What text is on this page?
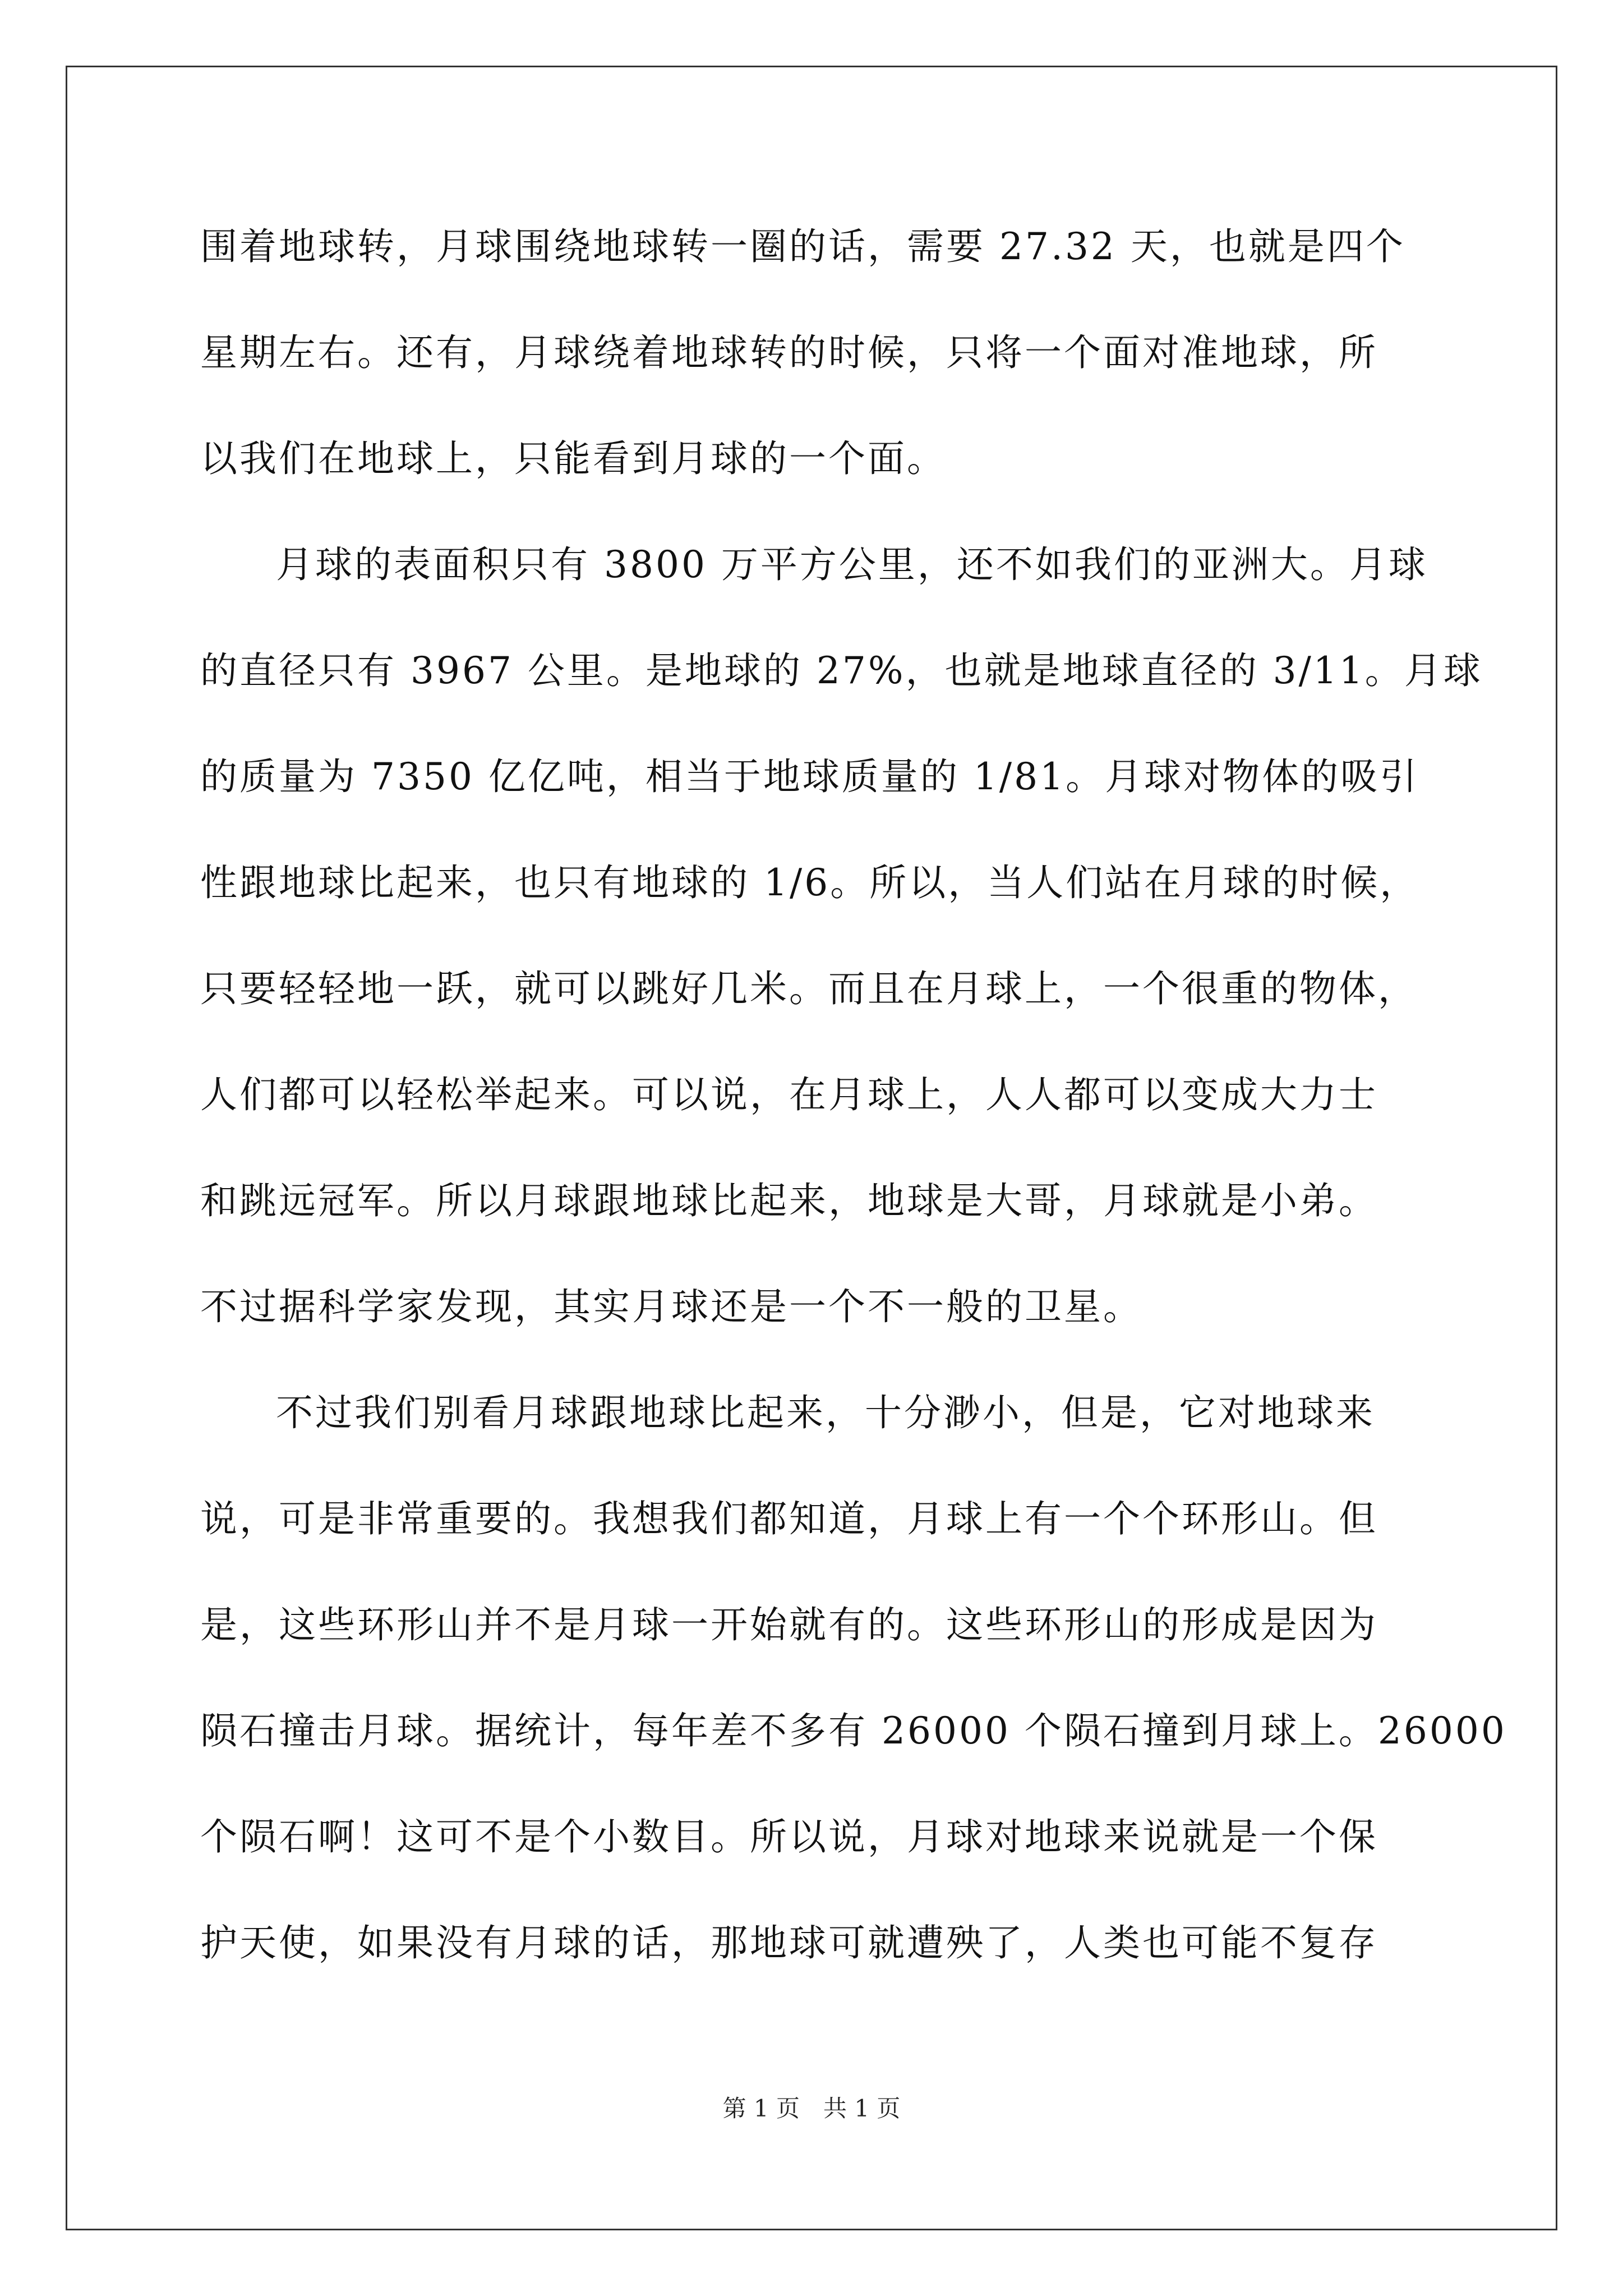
围着地球转，月球围绕地球转一圈的话，需要 27.32 天，也就是四个
星期左右。还有，月球绕着地球转的时候，只将一个面对准地球，所
以我们在地球上，只能看到月球的一个面。
月球的表面积只有 3800 万平方公里，还不如我们的亚洲大。月球
的直径只有 3967 公里。是地球的 27%，也就是地球直径的 3/11。月球
的质量为 7350 亿亿吨，相当于地球质量的 1/81。月球对物体的吸引
性跟地球比起来，也只有地球的 1/6。所以，当人们站在月球的时候，
只要轻轻地一跃，就可以跳好几米。而且在月球上，一个很重的物体，
人们都可以轻松举起来。可以说，在月球上，人人都可以变成大力士
和跳远冠军。所以月球跟地球比起来，地球是大哥，月球就是小弟。
不过据科学家发现，其实月球还是一个不一般的卫星。
不过我们别看月球跟地球比起来，十分渺小，但是，它对地球来
说，可是非常重要的。我想我们都知道，月球上有一个个环形山。但
是，这些环形山并不是月球一开始就有的。这些环形山的形成是因为
陨石撞击月球。据统计，每年差不多有 26000 个陨石撞到月球上。26000
个陨石啊！这可不是个小数目。所以说，月球对地球来说就是一个保
护天使，如果没有月球的话，那地球可就遭殃了，人类也可能不复存
第 1 页　共 1 页
